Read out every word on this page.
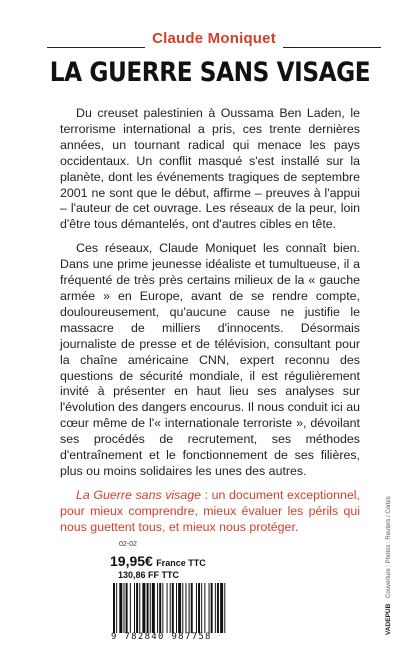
Claude Moniquet
LA GUERRE SANS VISAGE

Du creuset palestinien à Oussama Ben Laden, le terrorisme international a pris, ces trente dernières années, un tournant radical qui menace les pays occidentaux. Un conflit masqué s'est installé sur la planète, dont les événements tragiques de septembre 2001 ne sont que le début, affirme – preuves à l'appui – l'auteur de cet ouvrage. Les réseaux de la peur, loin d'être tous démantelés, ont d'autres cibles en tête.

Ces réseaux, Claude Moniquet les connaît bien. Dans une prime jeunesse idéaliste et tumultueuse, il a fréquenté de très près certains milieux de la « gauche armée » en Europe, avant de se rendre compte, douloureusement, qu'aucune cause ne justifie le massacre de milliers d'innocents. Désormais journaliste de presse et de télévision, consultant pour la chaîne américaine CNN, expert reconnu des questions de sécurité mondiale, il est régulièrement invité à présenter en haut lieu ses analyses sur l'évolution des dangers encourus. Il nous conduit ici au cœur même de l'« internationale terroriste », dévoilant ses procédés de recrutement, ses méthodes d'entraînement et le fonctionnement de ses filières, plus ou moins solidaires les unes des autres.

La Guerre sans visage : un document exceptionnel, pour mieux comprendre, mieux évaluer les périls qui nous guettent tous, et mieux nous protéger.

02-02
19,95€ France TTC
130,86 FF TTC
9 782840 987758
VADEPUB Couverture : Photos : Reuters / Corbis
